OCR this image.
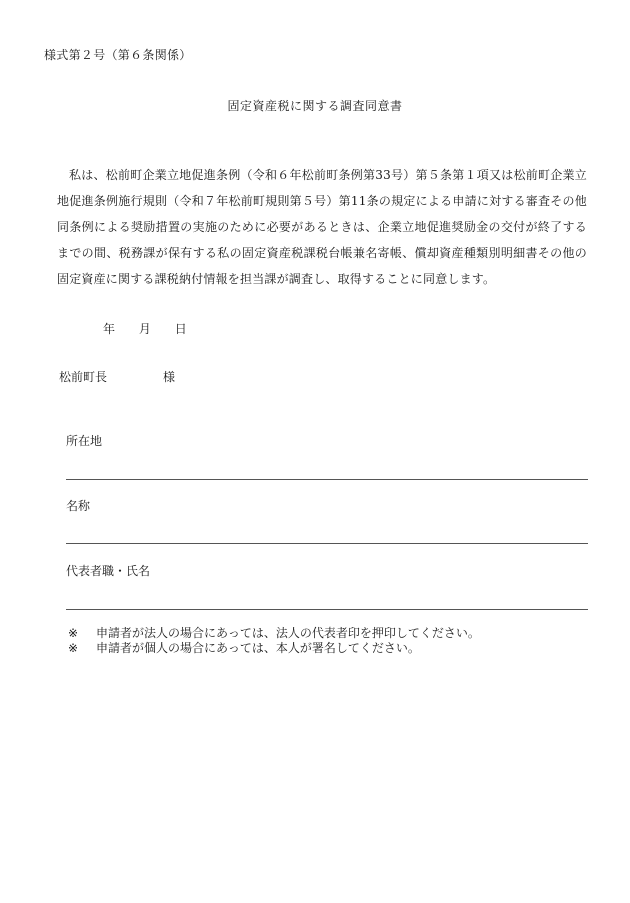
様式第２号（第６条関係）
固定資産税に関する調査同意書
私は、松前町企業立地促進条例（令和６年松前町条例第33号）第５条第１項又は松前町企業立地促進条例施行規則（令和７年松前町規則第５号）第11条の規定による申請に対する審査その他同条例による奨励措置の実施のために必要があるときは、企業立地促進奨励金の交付が終了するまでの間、税務課が保有する私の固定資産税課税台帳兼名寄帳、償却資産種類別明細書その他の固定資産に関する課税納付情報を担当課が調査し、取得することに同意します。
年 月 日
松前町長	様
所在地
名称
代表者職・氏名
※ 申請者が法人の場合にあっては、法人の代表者印を押印してください。
※ 申請者が個人の場合にあっては、本人が署名してください。
